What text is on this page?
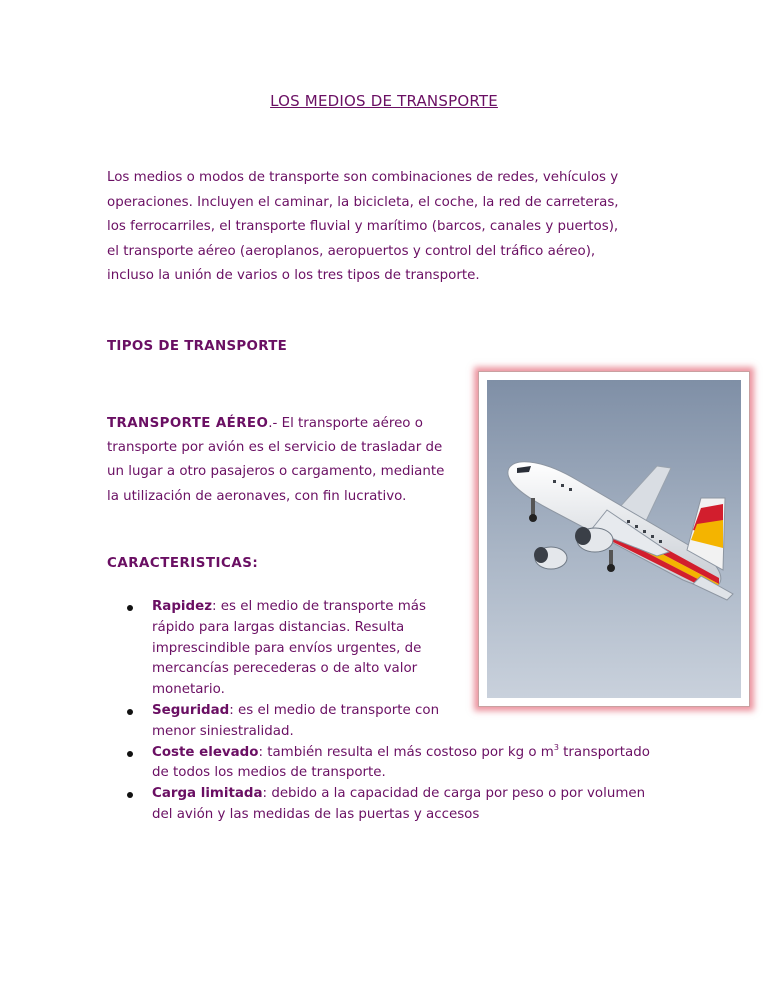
LOS MEDIOS DE TRANSPORTE
Los medios o modos de transporte son combinaciones de redes, vehículos y
operaciones. Incluyen el caminar, la bicicleta, el coche, la red de carreteras,
los ferrocarriles, el transporte fluvial y marítimo (barcos, canales y puertos),
el transporte aéreo (aeroplanos, aeropuertos y control del tráfico aéreo),
incluso la unión de varios o los tres tipos de transporte.
TIPOS DE TRANSPORTE
TRANSPORTE AÉREO.- El transporte aéreo o
transporte por avión es el servicio de trasladar de
un lugar a otro pasajeros o cargamento, mediante
la utilización de aeronaves, con fin lucrativo.
CARACTERISTICAS:
Rapidez: es el medio de transporte más
rápido para largas distancias. Resulta
imprescindible para envíos urgentes, de
mercancías perecederas o de alto valor
monetario.
Seguridad: es el medio de transporte con
menor siniestralidad.
Coste elevado: también resulta el más costoso por kg o $m^3$ transportado
de todos los medios de transporte.
Carga limitada: debido a la capacidad de carga por peso o por volumen
del avión y las medidas de las puertas y accesos
